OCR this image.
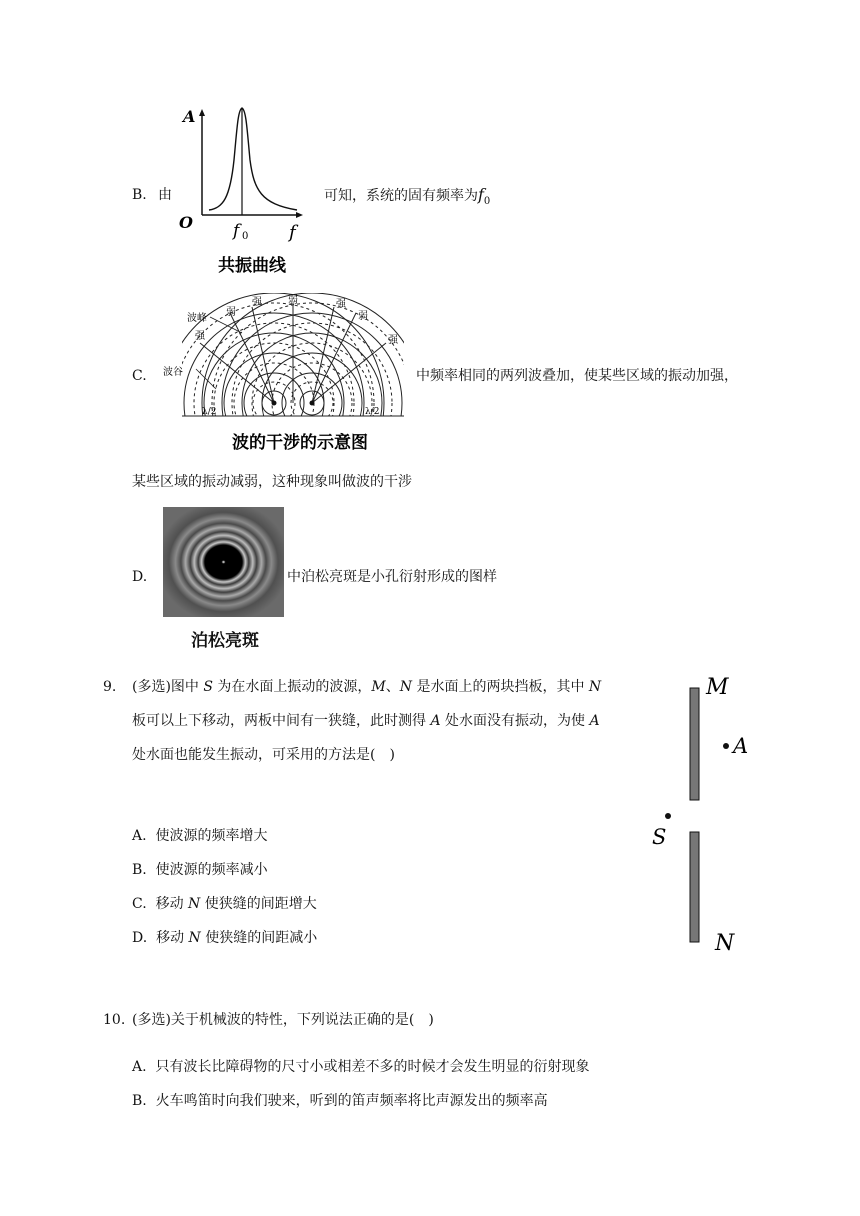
B. 由
A
O f 0 f
共振曲线
可知，系统的固有频率为$f_0$
C.
波峰
波谷
强
弱
强	弱	强
弱
强
λ/2	λ/2
波的干涉的示意图
中频率相同的两列波叠加，使某些区域的振动加强，
某些区域的振动减弱，这种现象叫做波的干涉
D.
泊松亮斑
中泊松亮斑是小孔衍射形成的图样
9. (多选)图中 S 为在水面上振动的波源，M、N 是水面上的两块挡板，其中 N
板可以上下移动，两板中间有一狭缝，此时测得 A 处水面没有振动，为使 A
处水面也能发生振动，可采用的方法是(　)
A. 使波源的频率增大
B. 使波源的频率减小
C. 移动 N 使狭缝的间距增大
D. 移动 N 使狭缝的间距减小
M
A
S
N
10. (多选)关于机械波的特性，下列说法正确的是(　)
A. 只有波长比障碍物的尺寸小或相差不多的时候才会发生明显的衍射现象
B. 火车鸣笛时向我们驶来，听到的笛声频率将比声源发出的频率高
